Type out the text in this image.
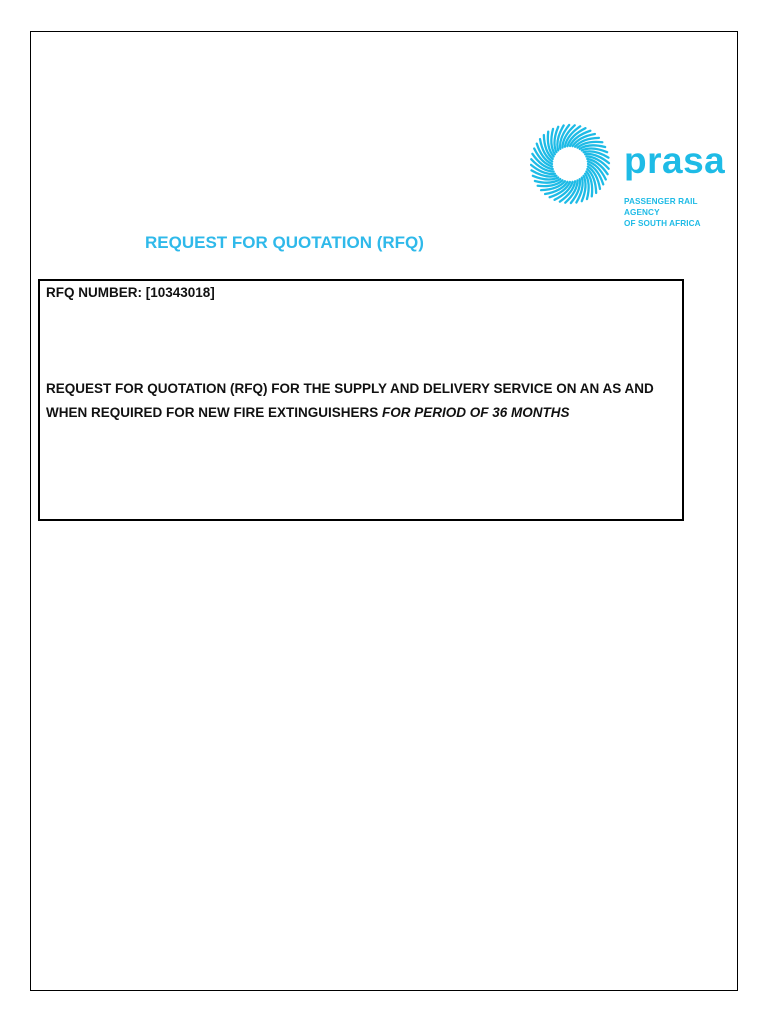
prasa
PASSENGER RAIL AGENCY
OF SOUTH AFRICA
REQUEST FOR QUOTATION (RFQ)
RFQ NUMBER: [10343018]
REQUEST FOR QUOTATION (RFQ) FOR THE SUPPLY AND DELIVERY SERVICE ON AN AS AND
WHEN REQUIRED FOR NEW FIRE EXTINGUISHERS FOR PERIOD OF 36 MONTHS
